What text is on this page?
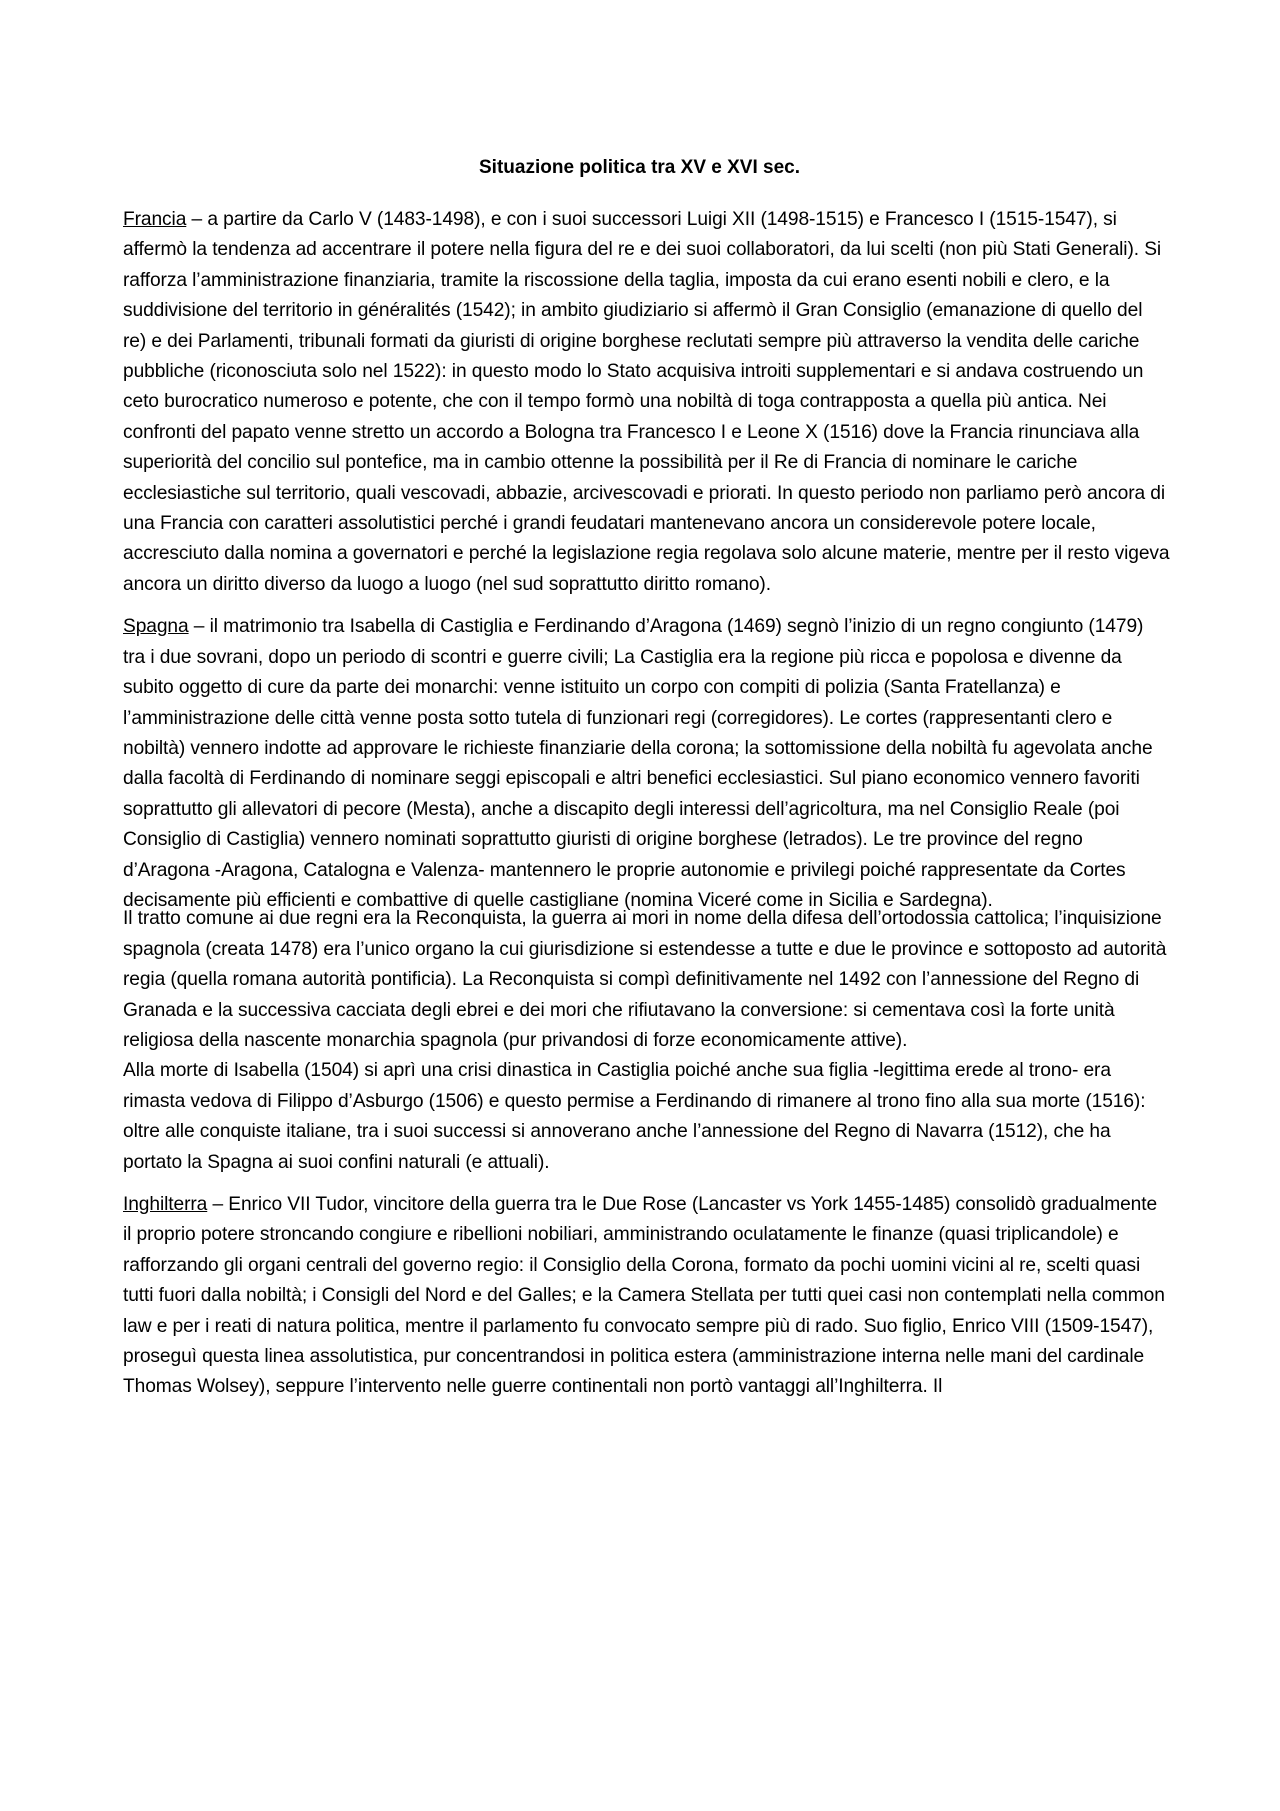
Situazione politica tra XV e XVI sec.

Francia – a partire da Carlo V (1483-1498), e con i suoi successori Luigi XII (1498-1515) e Francesco I (1515-1547), si affermò la tendenza ad accentrare il potere nella figura del re e dei suoi collaboratori, da lui scelti (non più Stati Generali). Si rafforza l’amministrazione finanziaria, tramite la riscossione della taglia, imposta da cui erano esenti nobili e clero, e la suddivisione del territorio in généralités (1542); in ambito giudiziario si affermò il Gran Consiglio (emanazione di quello del re) e dei Parlamenti, tribunali formati da giuristi di origine borghese reclutati sempre più attraverso la vendita delle cariche pubbliche (riconosciuta solo nel 1522): in questo modo lo Stato acquisiva introiti supplementari e si andava costruendo un ceto burocratico numeroso e potente, che con il tempo formò una nobiltà di toga contrapposta a quella più antica. Nei confronti del papato venne stretto un accordo a Bologna tra Francesco I e Leone X (1516) dove la Francia rinunciava alla superiorità del concilio sul pontefice, ma in cambio ottenne la possibilità per il Re di Francia di nominare le cariche ecclesiastiche sul territorio, quali vescovadi, abbazie, arcivescovadi e priorati. In questo periodo non parliamo però ancora di una Francia con caratteri assolutistici perché i grandi feudatari mantenevano ancora un considerevole potere locale, accresciuto dalla nomina a governatori e perché la legislazione regia regolava solo alcune materie, mentre per il resto vigeva ancora un diritto diverso da luogo a luogo (nel sud soprattutto diritto romano).

Spagna – il matrimonio tra Isabella di Castiglia e Ferdinando d’Aragona (1469) segnò l’inizio di un regno congiunto (1479) tra i due sovrani, dopo un periodo di scontri e guerre civili; La Castiglia era la regione più ricca e popolosa e divenne da subito oggetto di cure da parte dei monarchi: venne istituito un corpo con compiti di polizia (Santa Fratellanza) e l’amministrazione delle città venne posta sotto tutela di funzionari regi (corregidores). Le cortes (rappresentanti clero e nobiltà) vennero indotte ad approvare le richieste finanziarie della corona; la sottomissione della nobiltà fu agevolata anche dalla facoltà di Ferdinando di nominare seggi episcopali e altri benefici ecclesiastici. Sul piano economico vennero favoriti soprattutto gli allevatori di pecore (Mesta), anche a discapito degli interessi dell’agricoltura, ma nel Consiglio Reale (poi Consiglio di Castiglia) vennero nominati soprattutto giuristi di origine borghese (letrados). Le tre province del regno d’Aragona -Aragona, Catalogna e Valenza- mantennero le proprie autonomie e privilegi poiché rappresentate da Cortes decisamente più efficienti e combattive di quelle castigliane (nomina Viceré come in Sicilia e Sardegna).

Il tratto comune ai due regni era la Reconquista, la guerra ai mori in nome della difesa dell’ortodossia cattolica; l’inquisizione spagnola (creata 1478) era l’unico organo la cui giurisdizione si estendesse a tutte e due le province e sottoposto ad autorità regia (quella romana autorità pontificia). La Reconquista si compì definitivamente nel 1492 con l’annessione del Regno di Granada e la successiva cacciata degli ebrei e dei mori che rifiutavano la conversione: si cementava così la forte unità religiosa della nascente monarchia spagnola (pur privandosi di forze economicamente attive).

Alla morte di Isabella (1504) si aprì una crisi dinastica in Castiglia poiché anche sua figlia -legittima erede al trono- era rimasta vedova di Filippo d’Asburgo (1506) e questo permise a Ferdinando di rimanere al trono fino alla sua morte (1516): oltre alle conquiste italiane, tra i suoi successi si annoverano anche l’annessione del Regno di Navarra (1512), che ha portato la Spagna ai suoi confini naturali (e attuali).

Inghilterra – Enrico VII Tudor, vincitore della guerra tra le Due Rose (Lancaster vs York 1455-1485) consolidò gradualmente il proprio potere stroncando congiure e ribellioni nobiliari, amministrando oculatamente le finanze (quasi triplicandole) e rafforzando gli organi centrali del governo regio: il Consiglio della Corona, formato da pochi uomini vicini al re, scelti quasi tutti fuori dalla nobiltà; i Consigli del Nord e del Galles; e la Camera Stellata per tutti quei casi non contemplati nella common law e per i reati di natura politica, mentre il parlamento fu convocato sempre più di rado. Suo figlio, Enrico VIII (1509-1547), proseguì questa linea assolutistica, pur concentrandosi in politica estera (amministrazione interna nelle mani del cardinale Thomas Wolsey), seppure l’intervento nelle guerre continentali non portò vantaggi all’Inghilterra. Il
